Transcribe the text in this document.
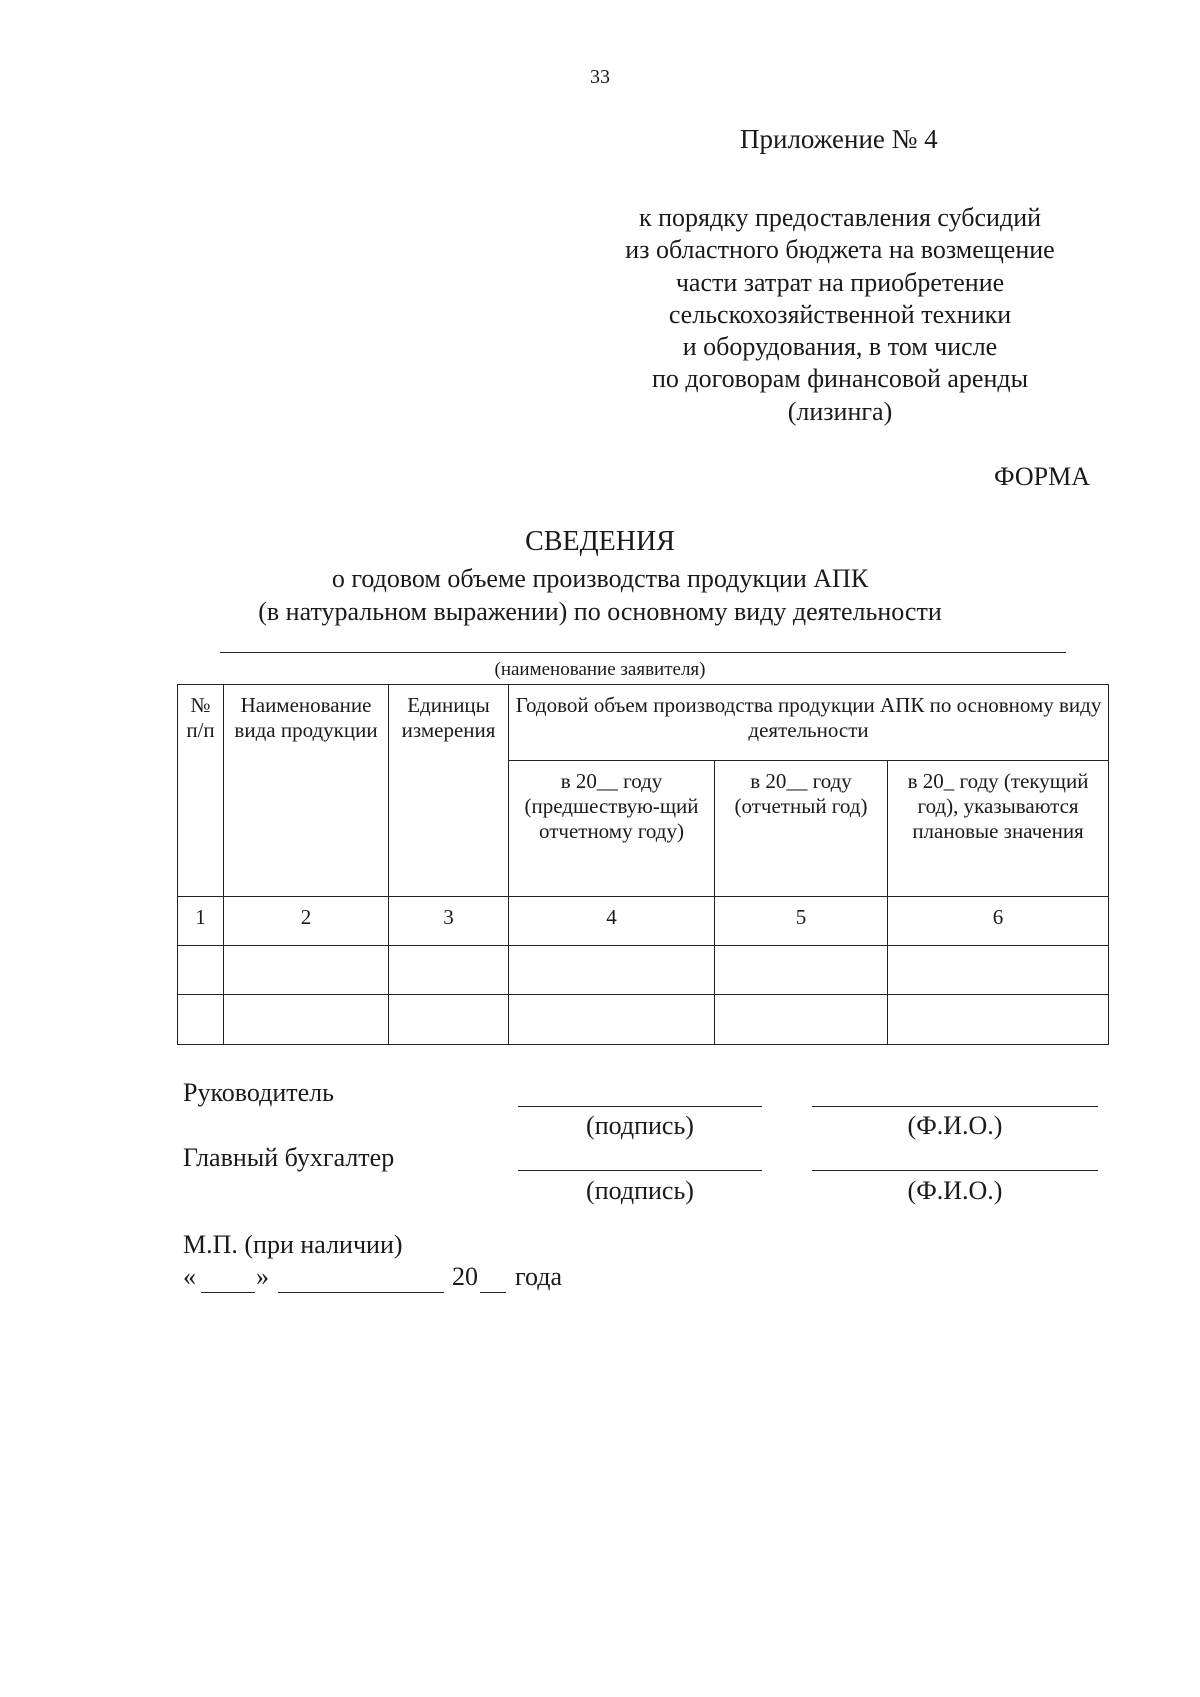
33
Приложение № 4
к порядку предоставления субсидий
из областного бюджета на возмещение
части затрат на приобретение
сельскохозяйственной техники
и оборудования, в том числе
по договорам финансовой аренды
(лизинга)
ФОРМА
СВЕДЕНИЯ
о годовом объеме производства продукции АПК
(в натуральном выражении) по основному виду деятельности
(наименование заявителя)
№ п/п	Наименование вида продукции	Единицы измерения	Годовой объем производства продукции АПК по основному виду деятельности		
			в 20__ году (предшествую-щий отчетному году)	в 20__ году (отчетный год)	в 20_ году (текущий год), указываются плановые значения
1	2	3	4	5	6

Руководитель
(подпись)	(Ф.И.О.)
Главный бухгалтер
(подпись)	(Ф.И.О.)
М.П. (при наличии)
« »	20 года
